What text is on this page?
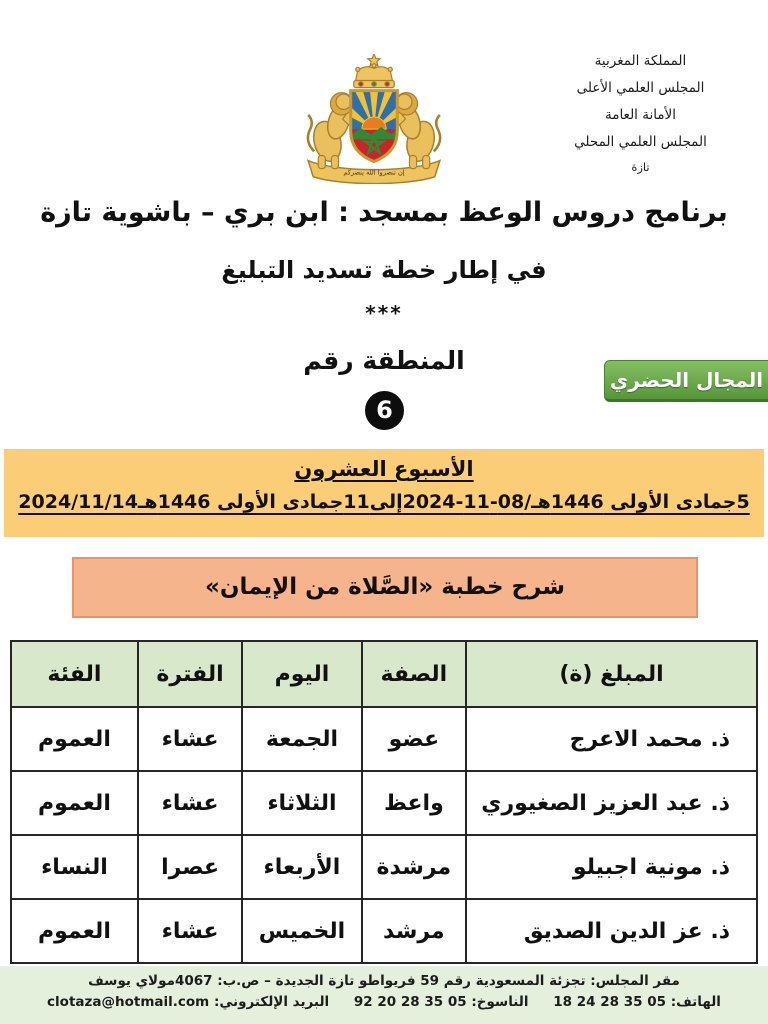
المملكة المغربية
المجلس العلمي الأعلى
الأمانة العامة
المجلس العلمي المحلي
تازة
إن تنصروا الله ينصركم
برنامج دروس الوعظ بمسجد : ابن بري – باشوية تازة
في إطار خطة تسديد التبليغ
***
المنطقة رقم
6
المجال الحضري
الأسبوع العشرون
5جمادى الأولى 1446هـ/08-11-2024إلى11جمادى الأولى 1446هـ2024/11/14
شرح خطبة «الصَّلاة من الإيمان»
المبلغ (ة)	الصفة	اليوم	الفترة	الفئة
ذ. محمد الاعرج	عضو	الجمعة	عشاء	العموم
ذ. عبد العزيز الصغيوري	واعظ	الثلاثاء	عشاء	العموم
ذ. مونية اجبيلو	مرشدة	الأربعاء	عصرا	النساء
ذ. عز الدين الصديق	مرشد	الخميس	عشاء	العموم
مقر المجلس: تجزئة المسعودية رقم 59 فريواطو تازة الجديدة – ص.ب: 4067مولاي يوسف
الهاتف: 05 35 28 24 18 الناسوخ: 05 35 28 20 92 البريد الإلكتروني: clotaza@hotmail.com
